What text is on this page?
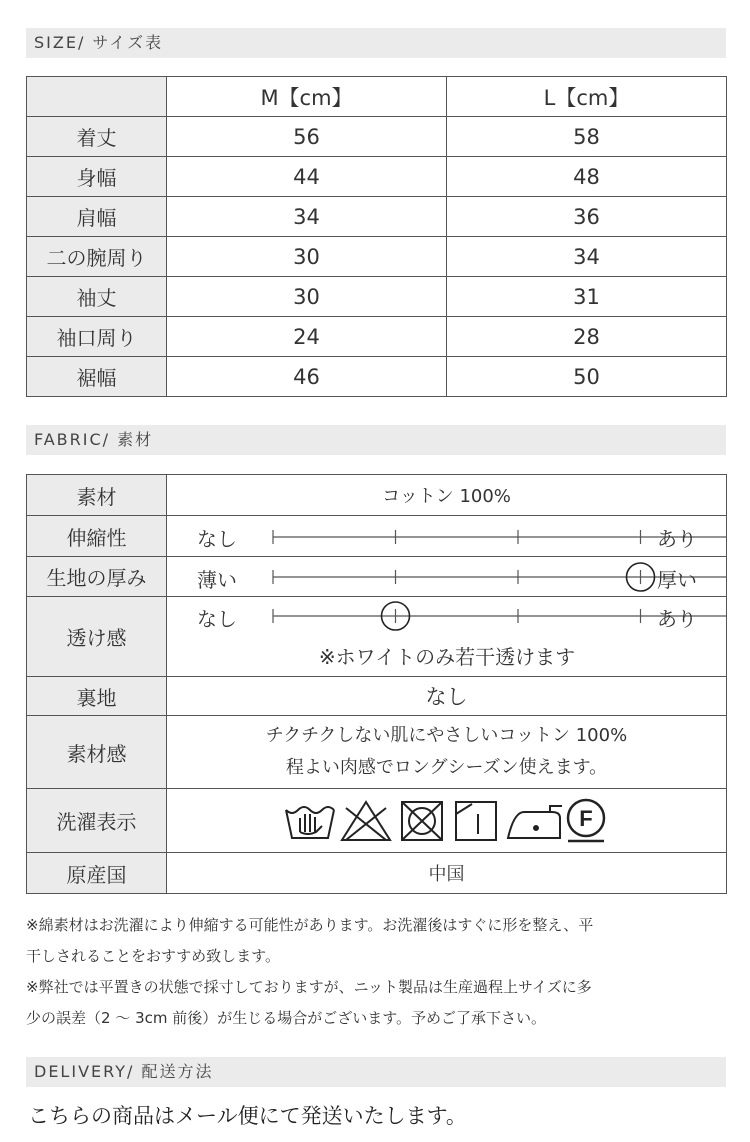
SIZE/ サイズ表
	M【cm】	L【cm】
着丈	56	58
身幅	44	48
肩幅	34	36
二の腕周り	30	34
袖丈	30	31
袖口周り	24	28
裾幅	46	50
FABRIC/ 素材
素材	コットン 100%
伸縮性	なし あり

生地の厚み	薄い 厚い

透け感	なし あり
※ホワイトのみ若干透けます

裏地	なし
素材感	チクチクしない肌にやさしいコットン 100%
程よい肉感でロングシーズン使えます。

洗濯表示	F

原産国	中国
※綿素材はお洗濯により伸縮する可能性があります。お洗濯後はすぐに形を整え、平
干しされることをおすすめ致します。
※弊社では平置きの状態で採寸しておりますが、ニット製品は生産過程上サイズに多
少の誤差（2 〜 3cm 前後）が生じる場合がございます。予めご了承下さい。
DELIVERY/ 配送方法
こちらの商品はメール便にて発送いたします。
